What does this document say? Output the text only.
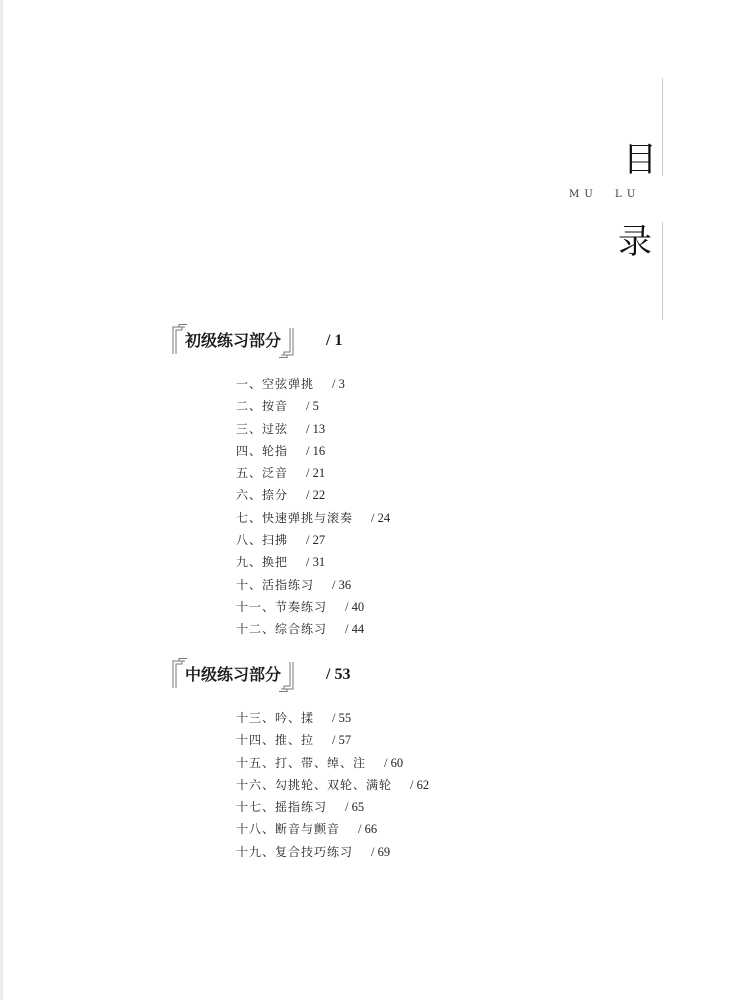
目
M U L U
录
初级练习部分	/ 1
一、空弦弹挑 / 3
二、按音 / 5
三、过弦 / 13
四、轮指 / 16
五、泛音 / 21
六、捺分 / 22
七、快速弹挑与滚奏 / 24
八、扫拂 / 27
九、换把 / 31
十、活指练习 / 36
十一、节奏练习 / 40
十二、综合练习 / 44
中级练习部分	/ 53
十三、吟、揉 / 55
十四、推、拉 / 57
十五、打、带、绰、注 / 60
十六、勾挑轮、双轮、满轮 / 62
十七、摇指练习 / 65
十八、断音与颤音 / 66
十九、复合技巧练习 / 69
